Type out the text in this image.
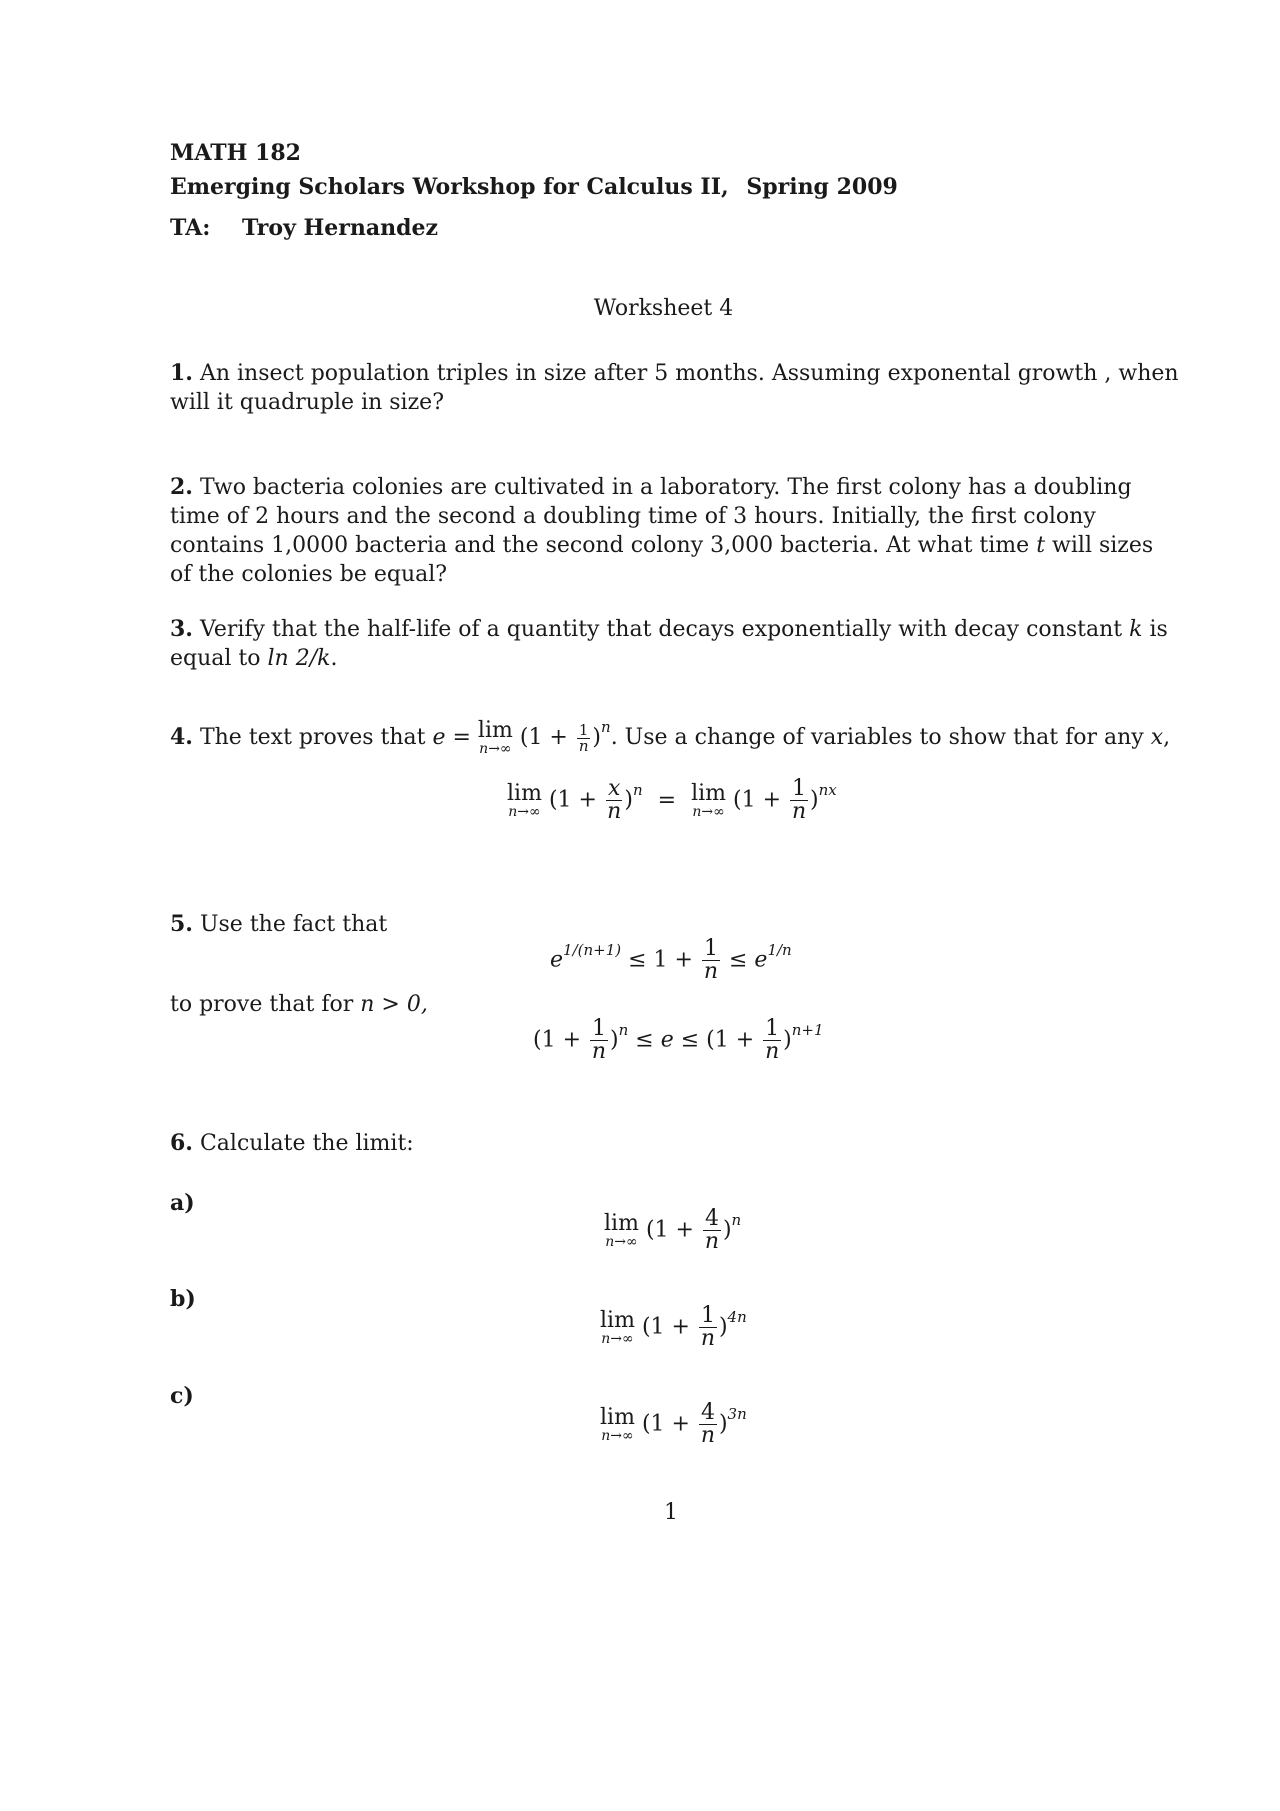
MATH 182
Emerging Scholars Workshop for Calculus II, Spring 2009
TA: Troy Hernandez
Worksheet 4
1. An insect population triples in size after 5 months. Assuming exponental growth , when will it quadruple in size?
2. Two bacteria colonies are cultivated in a laboratory. The first colony has a doubling time of 2 hours and the second a doubling time of 3 hours. Initially, the first colony contains 1,0000 bacteria and the second colony 3,000 bacteria. At what time t will sizes of the colonies be equal?
3. Verify that the half-life of a quantity that decays exponentially with decay constant k is equal to ln 2/k.
4. The text proves that e = lim
n→∞ $(1 + \frac{1}{n} )^n$. Use a change of variables to show that for any x,
lim
n→∞ $(1 + \frac{x}{n} )^n = \lim$
n→∞ $(1 + \frac{1}{n} )^{nx}$
5. Use the fact that
$e^{1/(n+1)} \le 1 + \frac{1}{n} \le e^{1/n}$
to prove that for n > 0,
$(1 + \frac{1}{n} )^n \le e \le (1 + \frac{1}{n} )^{n+1}$
6. Calculate the limit:
a)
lim
n→∞ $(1 + \frac{4}{n} )^n$
b)
lim
n→∞ $(1 + \frac{1}{n} )^{4n}$
c)
lim
n→∞ $(1 + \frac{4}{n} )^{3n}$
1
